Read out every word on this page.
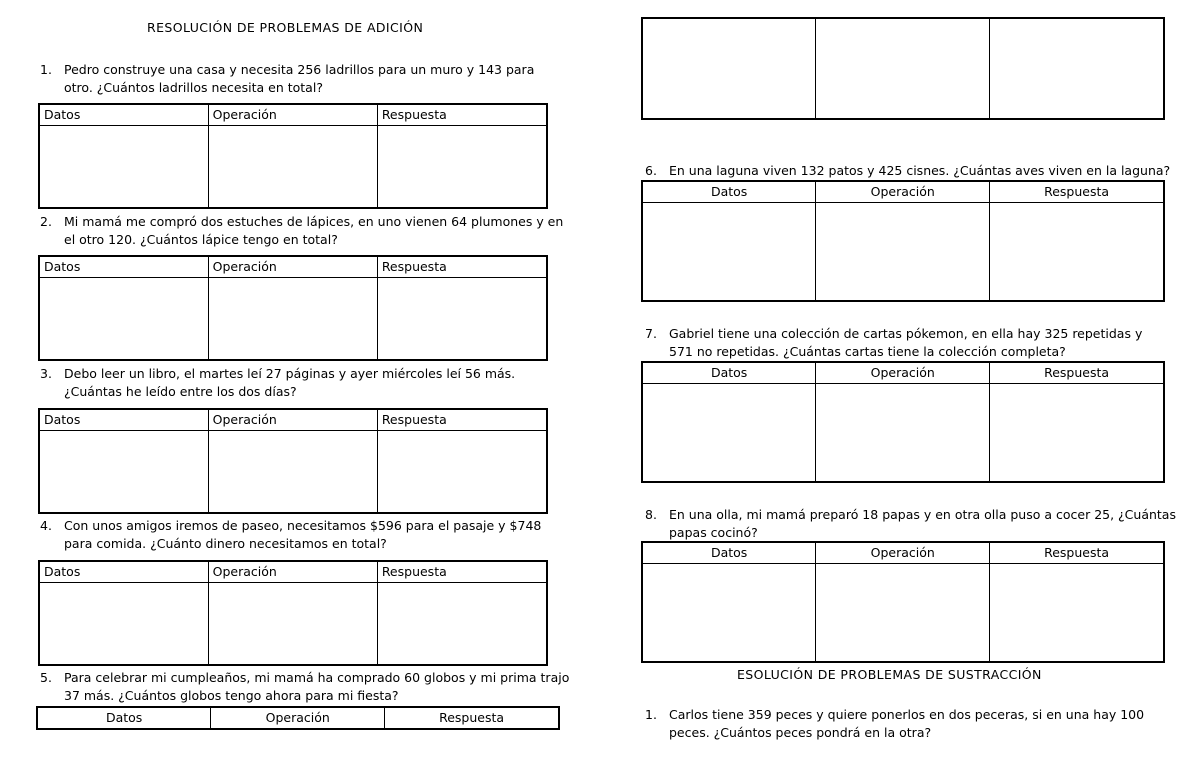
RESOLUCIÓN DE PROBLEMAS DE ADICIÓN
1. Pedro construye una casa y necesita 256 ladrillos para un muro y 143 para
otro. ¿Cuántos ladrillos necesita en total?
Datos	Operación	Respuesta

2. Mi mamá me compró dos estuches de lápices, en uno vienen 64 plumones y en
el otro 120. ¿Cuántos lápice tengo en total?
Datos	Operación	Respuesta

3. Debo leer un libro, el martes leí 27 páginas y ayer miércoles leí 56 más.
¿Cuántas he leído entre los dos días?
Datos	Operación	Respuesta

4. Con unos amigos iremos de paseo, necesitamos $596 para el pasaje y $748
para comida. ¿Cuánto dinero necesitamos en total?
Datos	Operación	Respuesta

5. Para celebrar mi cumpleaños, mi mamá ha comprado 60 globos y mi prima trajo
37 más. ¿Cuántos globos tengo ahora para mi fiesta?
Datos	Operación	Respuesta

6. En una laguna viven 132 patos y 425 cisnes. ¿Cuántas aves viven en la laguna?
Datos	Operación	Respuesta

7. Gabriel tiene una colección de cartas pókemon, en ella hay 325 repetidas y
571 no repetidas. ¿Cuántas cartas tiene la colección completa?
Datos	Operación	Respuesta

8. En una olla, mi mamá preparó 18 papas y en otra olla puso a cocer 25, ¿Cuántas
papas cocinó?
Datos	Operación	Respuesta

ESOLUCIÓN DE PROBLEMAS DE SUSTRACCIÓN
1. Carlos tiene 359 peces y quiere ponerlos en dos peceras, si en una hay 100
peces. ¿Cuántos peces pondrá en la otra?
